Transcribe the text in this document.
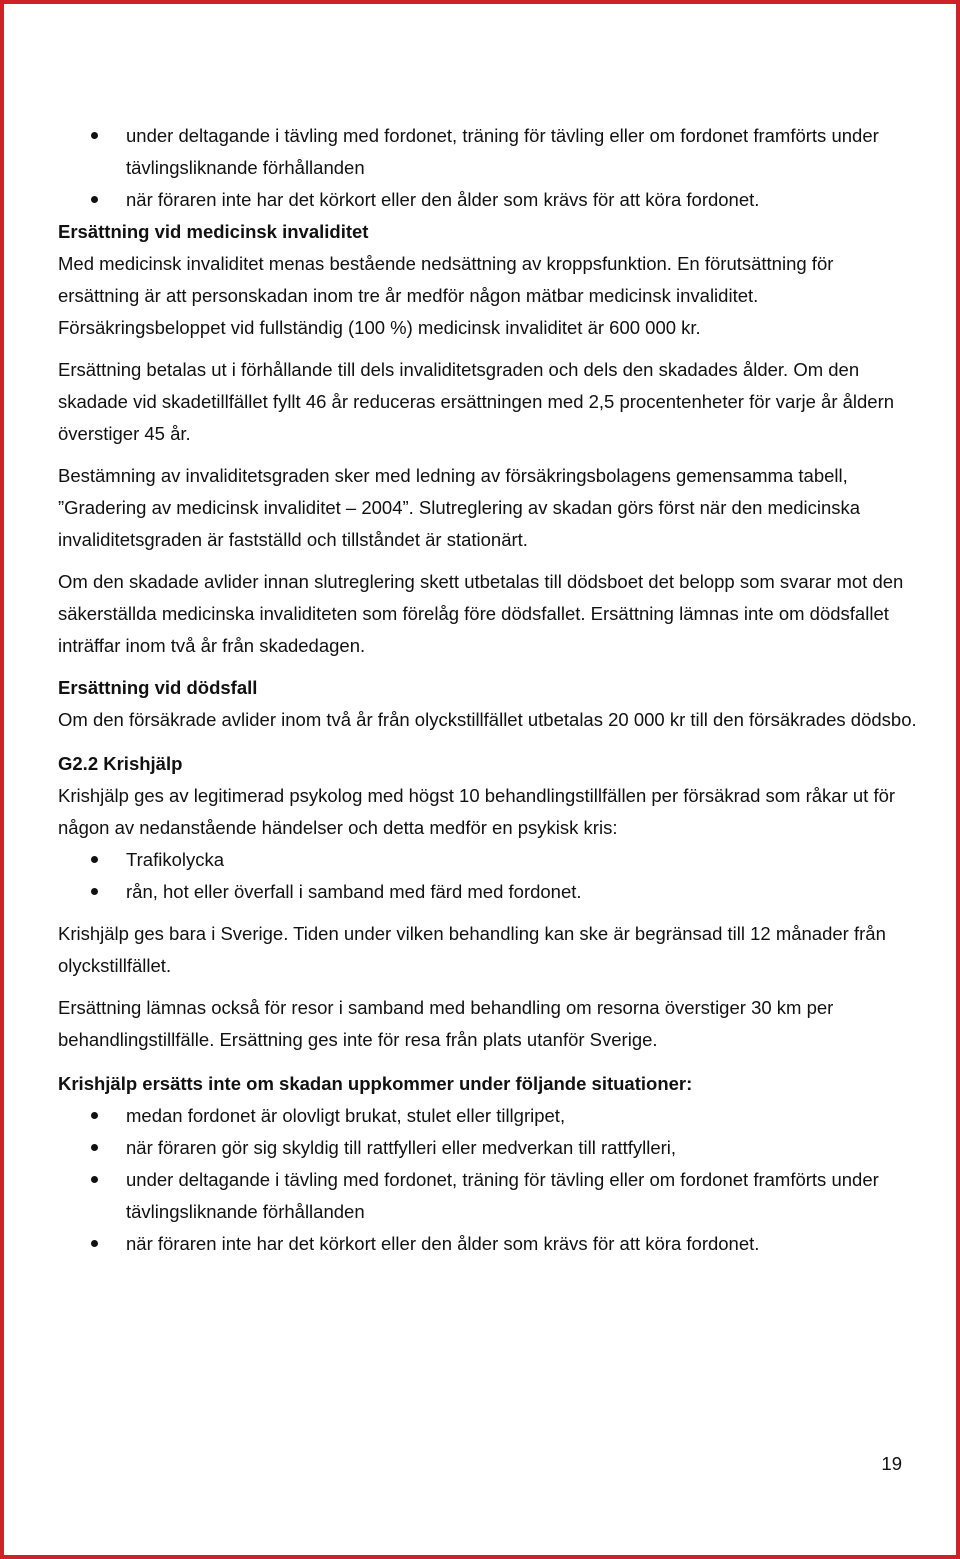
under deltagande i tävling med fordonet, träning för tävling eller om fordonet framförts under tävlingsliknande förhållanden
när föraren inte har det körkort eller den ålder som krävs för att köra fordonet.

Ersättning vid medicinsk invaliditet

Med medicinsk invaliditet menas bestående nedsättning av kroppsfunktion. En förutsättning för ersättning är att personskadan inom tre år medför någon mätbar medicinsk invaliditet. Försäkringsbeloppet vid fullständig (100 %) medicinsk invaliditet är 600 000 kr.

Ersättning betalas ut i förhållande till dels invaliditetsgraden och dels den skadades ålder. Om den skadade vid skadetillfället fyllt 46 år reduceras ersättningen med 2,5 procentenheter för varje år åldern överstiger 45 år.

Bestämning av invaliditetsgraden sker med ledning av försäkringsbolagens gemensamma tabell, ”Gradering av medicinsk invaliditet – 2004”. Slutreglering av skadan görs först när den medicinska invaliditetsgraden är fastställd och tillståndet är stationärt.

Om den skadade avlider innan slutreglering skett utbetalas till dödsboet det belopp som svarar mot den säkerställda medicinska invaliditeten som förelåg före dödsfallet. Ersättning lämnas inte om dödsfallet inträffar inom två år från skadedagen.

Ersättning vid dödsfall

Om den försäkrade avlider inom två år från olyckstillfället utbetalas 20 000 kr till den försäkrades dödsbo.

G2.2 Krishjälp

Krishjälp ges av legitimerad psykolog med högst 10 behandlingstillfällen per försäkrad som råkar ut för någon av nedanstående händelser och detta medför en psykisk kris:

Trafikolycka
rån, hot eller överfall i samband med färd med fordonet.

Krishjälp ges bara i Sverige. Tiden under vilken behandling kan ske är begränsad till 12 månader från olyckstillfället.

Ersättning lämnas också för resor i samband med behandling om resorna överstiger 30 km per behandlingstillfälle. Ersättning ges inte för resa från plats utanför Sverige.

Krishjälp ersätts inte om skadan uppkommer under följande situationer:

medan fordonet är olovligt brukat, stulet eller tillgripet,
när föraren gör sig skyldig till rattfylleri eller medverkan till rattfylleri,
under deltagande i tävling med fordonet, träning för tävling eller om fordonet framförts under tävlingsliknande förhållanden
när föraren inte har det körkort eller den ålder som krävs för att köra fordonet.
19
